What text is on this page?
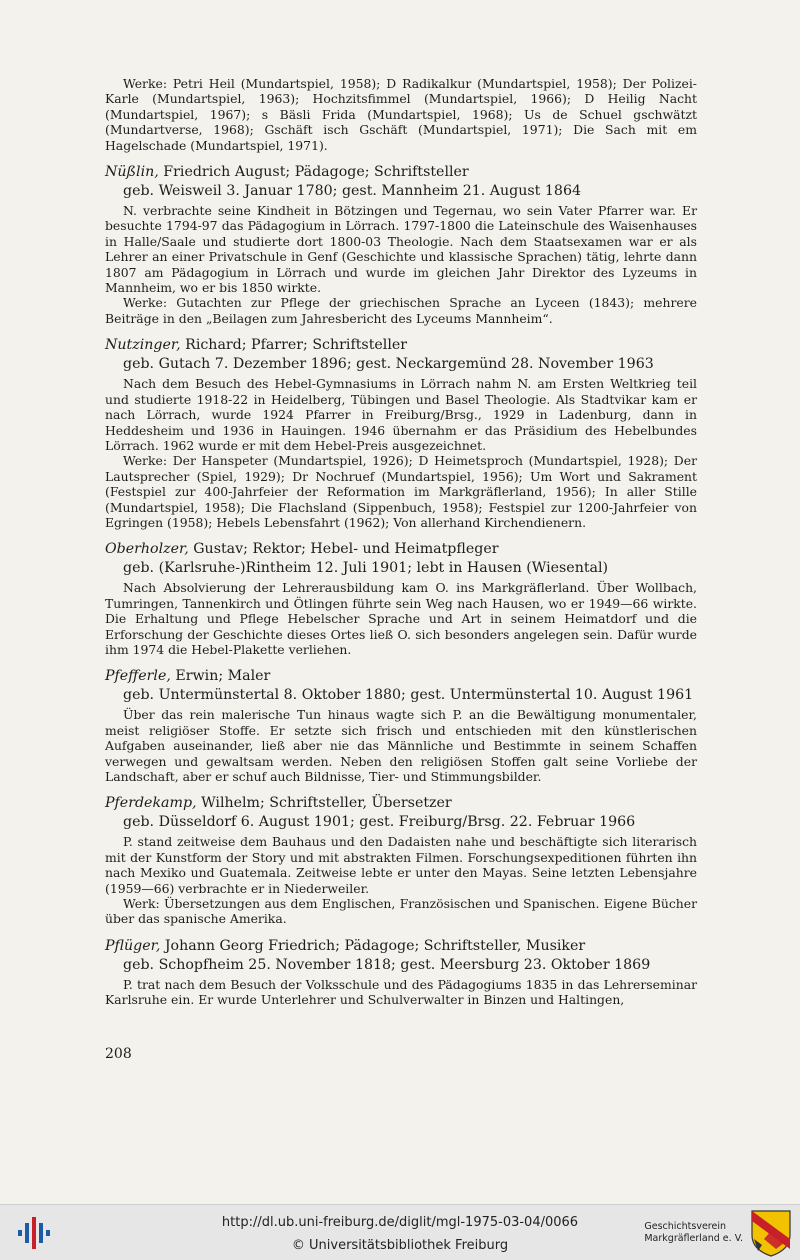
Werke: Petri Heil (Mundartspiel, 1958); D Radikalkur (Mundartspiel, 1958); Der Polizei-Karle (Mundartspiel, 1963); Hochzitsfimmel (Mundartspiel, 1966); D Heilig Nacht (Mundartspiel, 1967); s Bäsli Frida (Mundartspiel, 1968); Us de Schuel gschwätzt (Mundartverse, 1968); Gschäft isch Gschäft (Mundartspiel, 1971); Die Sach mit em Hagelschade (Mundartspiel, 1971).

Nüßlin, Friedrich August; Pädagoge; Schriftsteller

geb. Weisweil 3. Januar 1780; gest. Mannheim 21. August 1864

N. verbrachte seine Kindheit in Bötzingen und Tegernau, wo sein Vater Pfarrer war. Er besuchte 1794-97 das Pädagogium in Lörrach. 1797-1800 die Lateinschule des Waisenhauses in Halle/Saale und studierte dort 1800-03 Theologie. Nach dem Staatsexamen war er als Lehrer an einer Privatschule in Genf (Geschichte und klassische Sprachen) tätig, lehrte dann 1807 am Pädagogium in Lörrach und wurde im gleichen Jahr Direktor des Lyzeums in Mannheim, wo er bis 1850 wirkte.

Werke: Gutachten zur Pflege der griechischen Sprache an Lyceen (1843); mehrere Beiträge in den „Beilagen zum Jahresbericht des Lyceums Mannheim“.

Nutzinger, Richard; Pfarrer; Schriftsteller

geb. Gutach 7. Dezember 1896; gest. Neckargemünd 28. November 1963

Nach dem Besuch des Hebel-Gymnasiums in Lörrach nahm N. am Ersten Weltkrieg teil und studierte 1918-22 in Heidelberg, Tübingen und Basel Theologie. Als Stadtvikar kam er nach Lörrach, wurde 1924 Pfarrer in Freiburg/Brsg., 1929 in Ladenburg, dann in Heddesheim und 1936 in Hauingen. 1946 übernahm er das Präsidium des Hebelbundes Lörrach. 1962 wurde er mit dem Hebel-Preis ausgezeichnet.

Werke: Der Hanspeter (Mundartspiel, 1926); D Heimetsproch (Mundartspiel, 1928); Der Lautsprecher (Spiel, 1929); Dr Nochruef (Mundartspiel, 1956); Um Wort und Sakrament (Festspiel zur 400-Jahrfeier der Reformation im Markgräflerland, 1956); In aller Stille (Mundartspiel, 1958); Die Flachsland (Sippenbuch, 1958); Festspiel zur 1200-Jahrfeier von Egringen (1958); Hebels Lebensfahrt (1962); Von allerhand Kirchendienern.

Oberholzer, Gustav; Rektor; Hebel- und Heimatpfleger

geb. (Karlsruhe-)Rintheim 12. Juli 1901; lebt in Hausen (Wiesental)

Nach Absolvierung der Lehrerausbildung kam O. ins Markgräflerland. Über Wollbach, Tumringen, Tannenkirch und Ötlingen führte sein Weg nach Hausen, wo er 1949—66 wirkte. Die Erhaltung und Pflege Hebelscher Sprache und Art in seinem Heimatdorf und die Erforschung der Geschichte dieses Ortes ließ O. sich besonders angelegen sein. Dafür wurde ihm 1974 die Hebel-Plakette verliehen.

Pfefferle, Erwin; Maler

geb. Untermünstertal 8. Oktober 1880; gest. Untermünstertal 10. August 1961

Über das rein malerische Tun hinaus wagte sich P. an die Bewältigung monumentaler, meist religiöser Stoffe. Er setzte sich frisch und entschieden mit den künstlerischen Aufgaben auseinander, ließ aber nie das Männliche und Bestimmte in seinem Schaffen verwegen und gewaltsam werden. Neben den religiösen Stoffen galt seine Vorliebe der Landschaft, aber er schuf auch Bildnisse, Tier- und Stimmungsbilder.

Pferdekamp, Wilhelm; Schriftsteller, Übersetzer

geb. Düsseldorf 6. August 1901; gest. Freiburg/Brsg. 22. Februar 1966

P. stand zeitweise dem Bauhaus und den Dadaisten nahe und beschäftigte sich literarisch mit der Kunstform der Story und mit abstrakten Filmen. Forschungsexpeditionen führten ihn nach Mexiko und Guatemala. Zeitweise lebte er unter den Mayas. Seine letzten Lebensjahre (1959—66) verbrachte er in Niederweiler.

Werk: Übersetzungen aus dem Englischen, Französischen und Spanischen. Eigene Bücher über das spanische Amerika.

Pflüger, Johann Georg Friedrich; Pädagoge; Schriftsteller, Musiker

geb. Schopfheim 25. November 1818; gest. Meersburg 23. Oktober 1869

P. trat nach dem Besuch der Volksschule und des Pädagogiums 1835 in das Lehrerseminar Karlsruhe ein. Er wurde Unterlehrer und Schulverwalter in Binzen und Haltingen,

208
http://dl.ub.uni-freiburg.de/diglit/mgl-1975-03-04/0066
© Universitätsbibliothek Freiburg
Geschichtsverein
Markgräflerland e. V.
